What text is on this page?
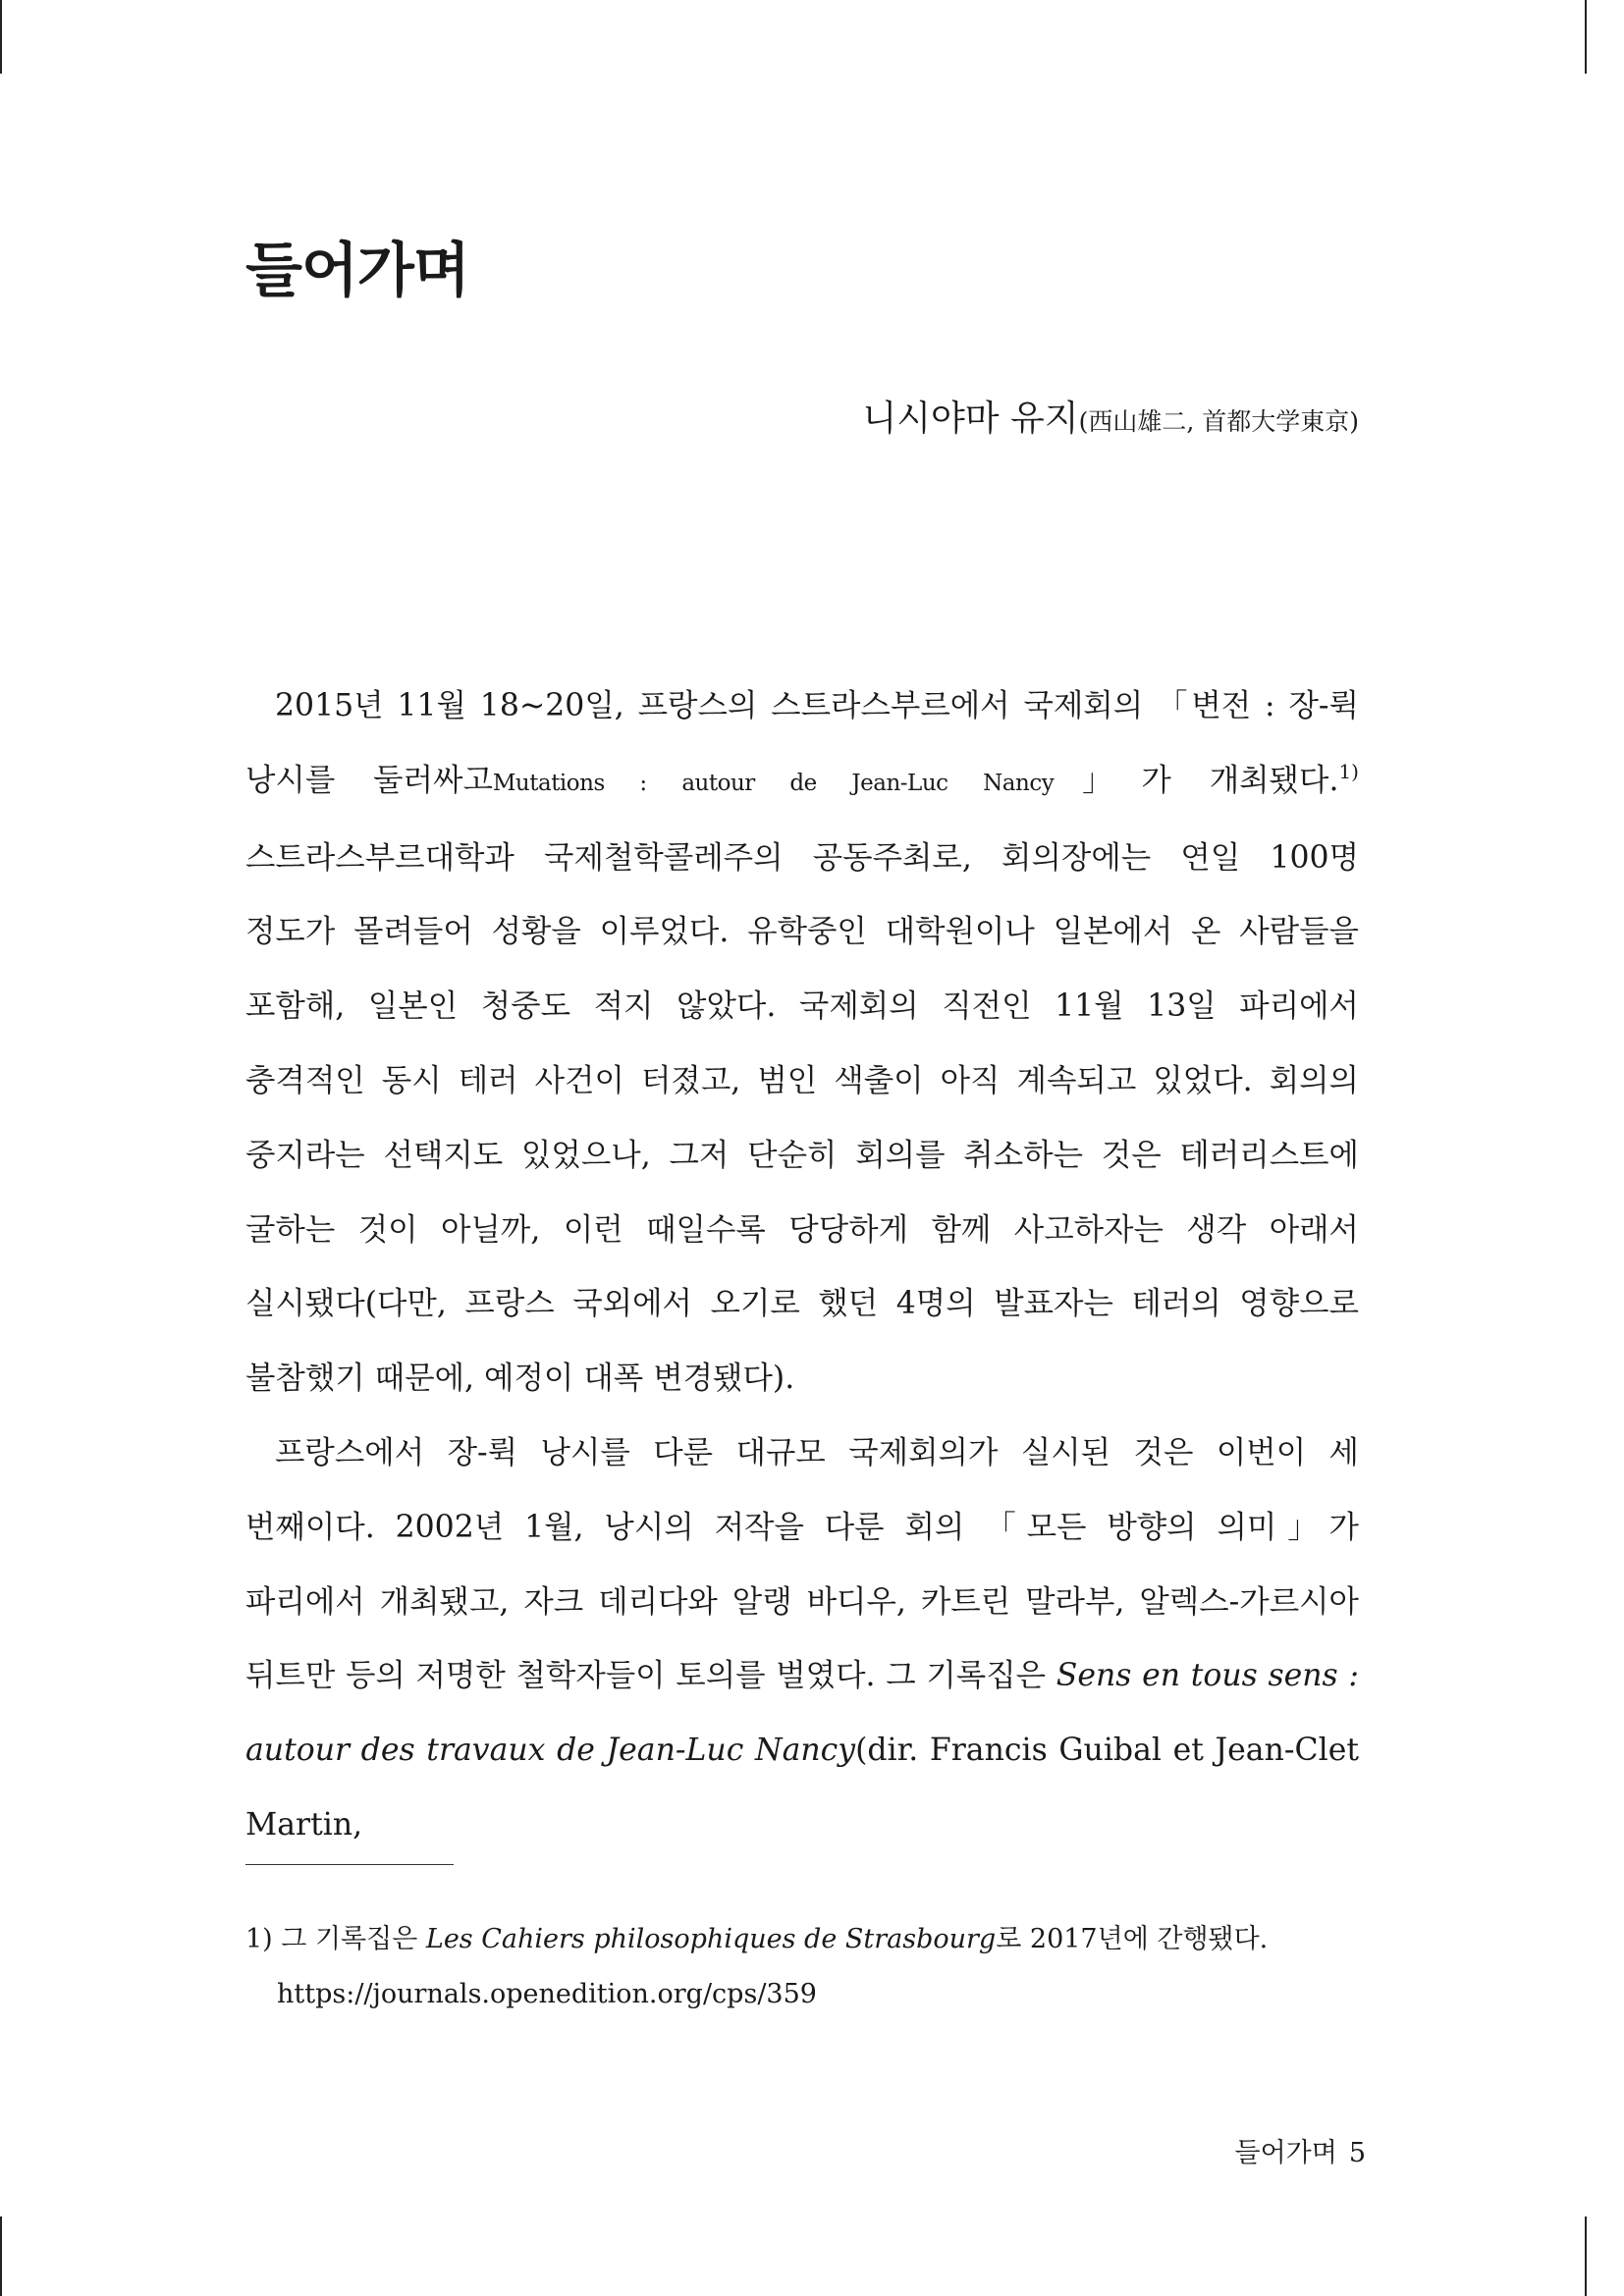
들어가며
니시야마 유지(西山雄二, 首都大学東京)

2015년 11월 18~20일, 프랑스의 스트라스부르에서 국제회의 「변전 : 장-뤽 낭시를 둘러싸고Mutations : autour de Jean-Luc Nancy」가 개최됐다.$^{1)}$ 스트라스부르대학과 국제철학콜레주의 공동주최로, 회의장에는 연일 100명 정도가 몰려들어 성황을 이루었다. 유학중인 대학원이나 일본에서 온 사람들을 포함해, 일본인 청중도 적지 않았다. 국제회의 직전인 11월 13일 파리에서 충격적인 동시 테러 사건이 터졌고, 범인 색출이 아직 계속되고 있었다. 회의의 중지라는 선택지도 있었으나, 그저 단순히 회의를 취소하는 것은 테러리스트에 굴하는 것이 아닐까, 이런 때일수록 당당하게 함께 사고하자는 생각 아래서 실시됐다(다만, 프랑스 국외에서 오기로 했던 4명의 발표자는 테러의 영향으로 불참했기 때문에, 예정이 대폭 변경됐다).

프랑스에서 장-뤽 낭시를 다룬 대규모 국제회의가 실시된 것은 이번이 세 번째이다. 2002년 1월, 낭시의 저작을 다룬 회의 「모든 방향의 의미」가 파리에서 개최됐고, 자크 데리다와 알랭 바디우, 카트린 말라부, 알렉스-가르시아 뒤트만 등의 저명한 철학자들이 토의를 벌였다. 그 기록집은 Sens en tous sens : autour des travaux de Jean-Luc Nancy(dir. Francis Guibal et Jean-Clet Martin,

1) 그 기록집은 Les Cahiers philosophiques de Strasbourg로 2017년에 간행됐다.
https://journals.openedition.org/cps/359
들어가며 5
